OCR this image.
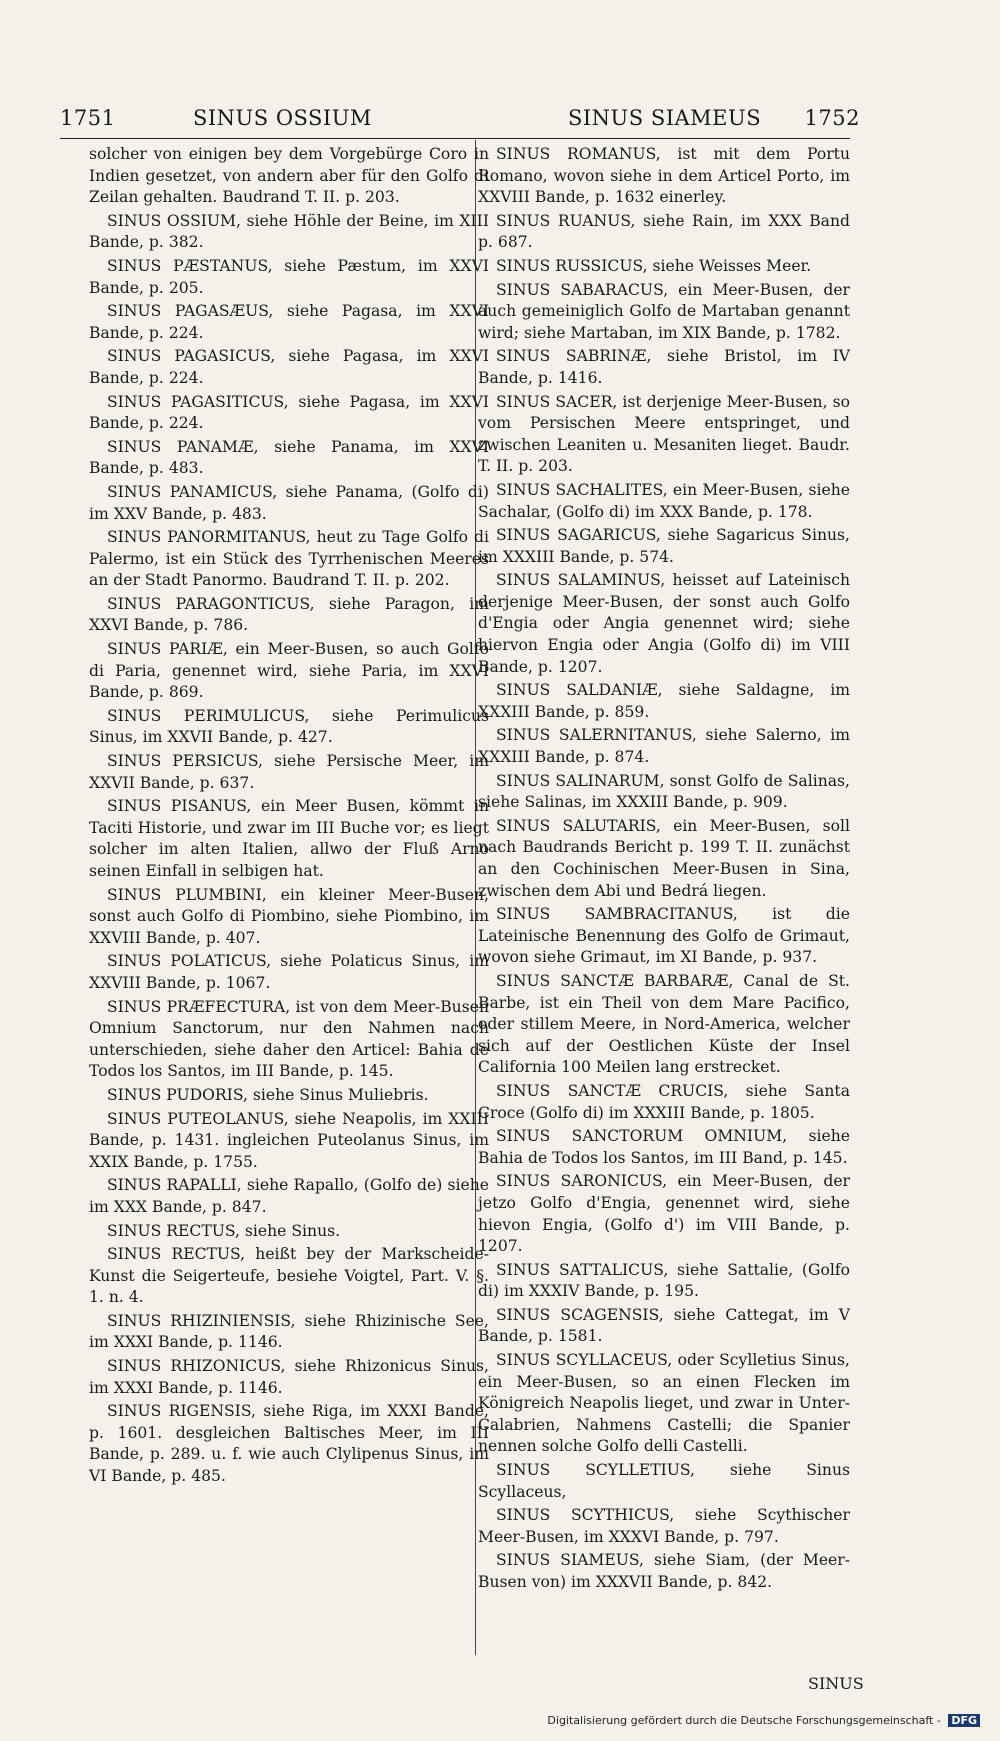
1751	SINUS OSSIUM	SINUS SIAMEUS 1752

solcher von einigen bey dem Vorgebürge Coro in Indien gesetzet, von andern aber für den Golfo di Zeilan gehalten. Baudrand T. II. p. 203.

SINUS OSSIUM, siehe Höhle der Beine, im XIII Bande, p. 382.

SINUS PÆSTANUS, siehe Pæstum, im XXVI Bande, p. 205.

SINUS PAGASÆUS, siehe Pagasa, im XXVI Bande, p. 224.

SINUS PAGASICUS, siehe Pagasa, im XXVI Bande, p. 224.

SINUS PAGASITICUS, siehe Pagasa, im XXVI Bande, p. 224.

SINUS PANAMÆ, siehe Panama, im XXVI Bande, p. 483.

SINUS PANAMICUS, siehe Panama, (Golfo di) im XXV Bande, p. 483.

SINUS PANORMITANUS, heut zu Tage Golfo di Palermo, ist ein Stück des Tyrrhenischen Meeres an der Stadt Panormo. Baudrand T. II. p. 202.

SINUS PARAGONTICUS, siehe Paragon, im XXVI Bande, p. 786.

SINUS PARIÆ, ein Meer-Busen, so auch Golfo di Paria, genennet wird, siehe Paria, im XXVI Bande, p. 869.

SINUS PERIMULICUS, siehe Perimulicus Sinus, im XXVII Bande, p. 427.

SINUS PERSICUS, siehe Persische Meer, im XXVII Bande, p. 637.

SINUS PISANUS, ein Meer Busen, kömmt in Taciti Historie, und zwar im III Buche vor; es liegt solcher im alten Italien, allwo der Fluß Arno seinen Einfall in selbigen hat.

SINUS PLUMBINI, ein kleiner Meer-Busen, sonst auch Golfo di Piombino, siehe Piombino, im XXVIII Bande, p. 407.

SINUS POLATICUS, siehe Polaticus Sinus, im XXVIII Bande, p. 1067.

SINUS PRÆFECTURA, ist von dem Meer-Busen Omnium Sanctorum, nur den Nahmen nach unterschieden, siehe daher den Articel: Bahia de Todos los Santos, im III Bande, p. 145.

SINUS PUDORIS, siehe Sinus Muliebris.

SINUS PUTEOLANUS, siehe Neapolis, im XXIII Bande, p. 1431. ingleichen Puteolanus Sinus, im XXIX Bande, p. 1755.

SINUS RAPALLI, siehe Rapallo, (Golfo de) siehe im XXX Bande, p. 847.

SINUS RECTUS, siehe Sinus.

SINUS RECTUS, heißt bey der Markscheide-Kunst die Seigerteufe, besiehe Voigtel, Part. V. §. 1. n. 4.

SINUS RHIZINIENSIS, siehe Rhizinische See, im XXXI Bande, p. 1146.

SINUS RHIZONICUS, siehe Rhizonicus Sinus, im XXXI Bande, p. 1146.

SINUS RIGENSIS, siehe Riga, im XXXI Bande, p. 1601. desgleichen Baltisches Meer, im III Bande, p. 289. u. f. wie auch Clylipenus Sinus, im VI Bande, p. 485.

SINUS ROMANUS, ist mit dem Portu Romano, wovon siehe in dem Articel Porto, im XXVIII Bande, p. 1632 einerley.

SINUS RUANUS, siehe Rain, im XXX Band p. 687.

SINUS RUSSICUS, siehe Weisses Meer.

SINUS SABARACUS, ein Meer-Busen, der auch gemeiniglich Golfo de Martaban genannt wird; siehe Martaban, im XIX Bande, p. 1782.

SINUS SABRINÆ, siehe Bristol, im IV Bande, p. 1416.

SINUS SACER, ist derjenige Meer-Busen, so vom Persischen Meere entspringet, und zwischen Leaniten u. Mesaniten lieget. Baudr. T. II. p. 203.

SINUS SACHALITES, ein Meer-Busen, siehe Sachalar, (Golfo di) im XXX Bande, p. 178.

SINUS SAGARICUS, siehe Sagaricus Sinus, im XXXIII Bande, p. 574.

SINUS SALAMINUS, heisset auf Lateinisch derjenige Meer-Busen, der sonst auch Golfo d'Engia oder Angia genennet wird; siehe hiervon Engia oder Angia (Golfo di) im VIII Bande, p. 1207.

SINUS SALDANIÆ, siehe Saldagne, im XXXIII Bande, p. 859.

SINUS SALERNITANUS, siehe Salerno, im XXXIII Bande, p. 874.

SINUS SALINARUM, sonst Golfo de Salinas, siehe Salinas, im XXXIII Bande, p. 909.

SINUS SALUTARIS, ein Meer-Busen, soll nach Baudrands Bericht p. 199 T. II. zunächst an den Cochinischen Meer-Busen in Sina, zwischen dem Abi und Bedrá liegen.

SINUS SAMBRACITANUS, ist die Lateinische Benennung des Golfo de Grimaut, wovon siehe Grimaut, im XI Bande, p. 937.

SINUS SANCTÆ BARBARÆ, Canal de St. Barbe, ist ein Theil von dem Mare Pacifico, oder stillem Meere, in Nord-America, welcher sich auf der Oestlichen Küste der Insel California 100 Meilen lang erstrecket.

SINUS SANCTÆ CRUCIS, siehe Santa Croce (Golfo di) im XXXIII Bande, p. 1805.

SINUS SANCTORUM OMNIUM, siehe Bahia de Todos los Santos, im III Band, p. 145.

SINUS SARONICUS, ein Meer-Busen, der jetzo Golfo d'Engia, genennet wird, siehe hievon Engia, (Golfo d') im VIII Bande, p. 1207.

SINUS SATTALICUS, siehe Sattalie, (Golfo di) im XXXIV Bande, p. 195.

SINUS SCAGENSIS, siehe Cattegat, im V Bande, p. 1581.

SINUS SCYLLACEUS, oder Scylletius Sinus, ein Meer-Busen, so an einen Flecken im Königreich Neapolis lieget, und zwar in Unter-Calabrien, Nahmens Castelli; die Spanier nennen solche Golfo delli Castelli.

SINUS SCYLLETIUS, siehe Sinus Scyllaceus,

SINUS SCYTHICUS, siehe Scythischer Meer-Busen, im XXXVI Bande, p. 797.

SINUS SIAMEUS, siehe Siam, (der Meer-Busen von) im XXXVII Bande, p. 842.

SINUS
Digitalisierung gefördert durch die Deutsche Forschungsgemeinschaft - DFG
